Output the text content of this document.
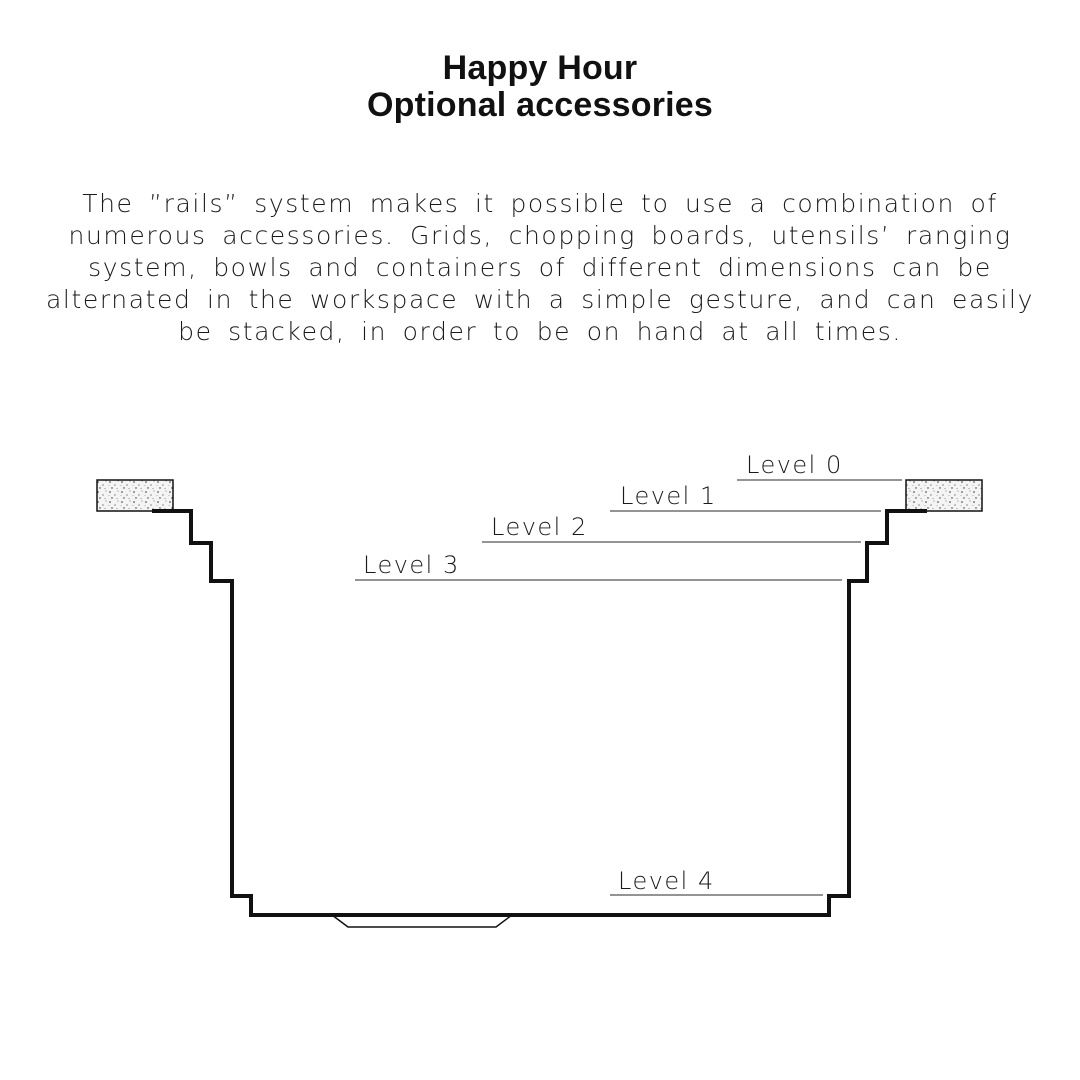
Happy Hour
Optional accessories

The ”rails” system makes it possible to use a combination of numerous accessories. Grids, chopping boards, utensils’ ranging system, bowls and containers of different dimensions can be alternated in the workspace with a simple gesture, and can easily be stacked, in order to be on hand at all times.

Level 0
Level 1
Level 2
Level 3
Level 4
